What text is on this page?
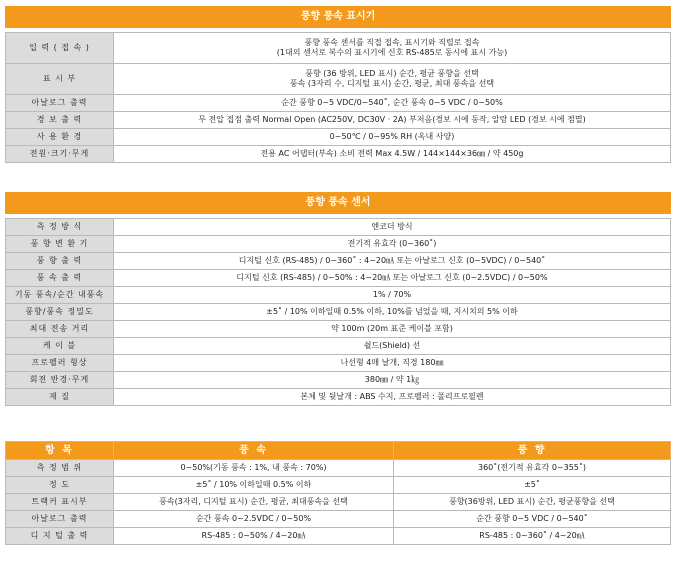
풍향 풍속 표시기	

입 력 ( 접 속 )	풍향 풍속 센서를 직접 접속, 표시기와 직렬로 접속
(1대의 센서로 복수의 표시기에 신호 RS-485로 동시에 표시 가능)

표 시 부	풍향 (36 방위, LED 표시) 순간, 평균 풍향을 선택
풍속 (3자리 수, 디지털 표시) 순간, 평균, 최대 풍속을 선택

아날로그 출력	순간 풍향 0~5 VDC/0~540˚, 순간 풍속 0~5 VDC / 0~50%
경 보 출 력	무 전압 접점 출력 Normal Open (AC250V, DC30V · 2A) 부저음(경보 시에 동작, 알람 LED (경보 시에 점멸)
사 용 환 경	0~50℃ / 0~95% RH (옥내 사양)
전원·크기·무게	전용 AC 어댑터(부속) 소비 전력 Max 4.5W / 144×144×36㎜ / 약 450g
풍향 풍속 센서	

측 정 방 식	엔코더 방식
풍 향 변 환 기	전기적 유효각 (0~360˚)
풍 향 출 력	디지털 신호 (RS-485) / 0~360˚ : 4~20㎃ 또는 아날로그 신호 (0~5VDC) / 0~540˚
풍 속 출 력	디지털 신호 (RS-485) / 0~50% : 4~20㎃ 또는 아날로그 신호 (0~2.5VDC) / 0~50%
기동 풍속/순간 내풍속	1% / 70%
풍향/풍속 정밀도	±5˚ / 10% 이하일때 0.5% 이하, 10%를 넘었을 때, 지시치의 5% 이하
최대 전송 거리	약 100m (20m 표준 케이블 포함)
케 이 블	쉴드(Shield) 선
프로펠러 형상	나선형 4매 날개, 직경 180㎜
회전 반경·무게	380㎜ / 약 1㎏
재 질	본체 및 뒷날개 : ABS 수지, 프로펠러 : 폴리프로필렌
항 목	풍 속	풍 향
측 정 범 위	0~50%(기동 풍속 : 1%, 내 풍속 : 70%)	360˚(전기적 유효각 0~355˚)
정 도	±5˚ / 10% 이하일때 0.5% 이하	±5˚
트랙커 표시부	풍속(3자리, 디지털 표시) 순간, 평균, 최대풍속을 선택	풍향(36방위, LED 표시) 순간, 평균풍향을 선택
아날로그 출력	순간 풍속 0~2.5VDC / 0~50%	순간 풍향 0~5 VDC / 0~540˚
디 지 털 출 력	RS-485 : 0~50% / 4~20㎃	RS-485 : 0~360˚ / 4~20㎃
